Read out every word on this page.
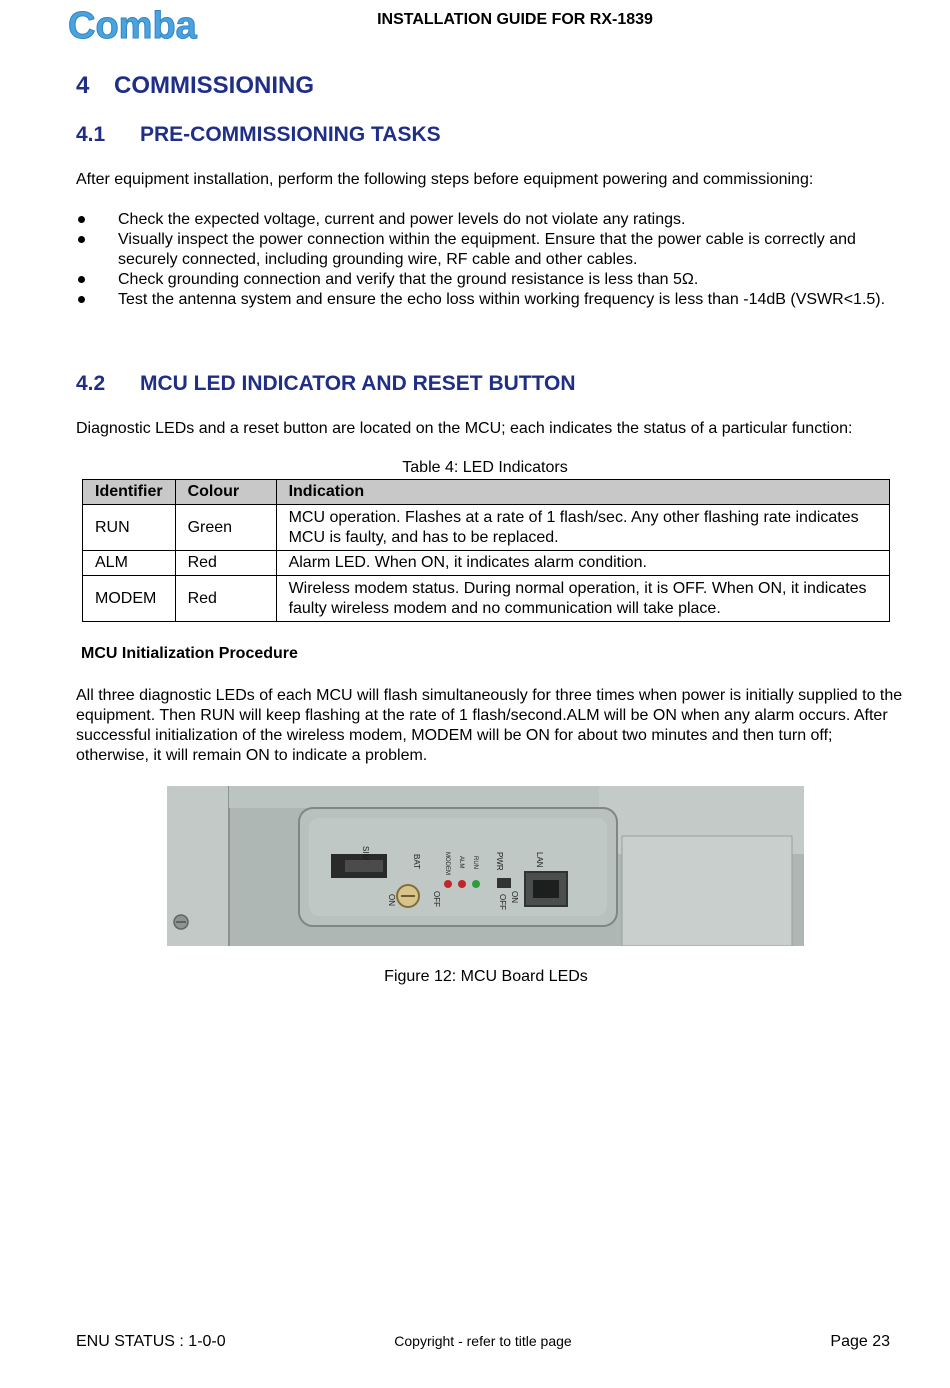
Comba	INSTALLATION GUIDE FOR RX-1839
4 COMMISSIONING
4.1 PRE-COMMISSIONING TASKS
After equipment installation, perform the following steps before equipment powering and commissioning:
Check the expected voltage, current and power levels do not violate any ratings.
Visually inspect the power connection within the equipment. Ensure that the power cable is correctly and securely connected, including grounding wire, RF cable and other cables.
Check grounding connection and verify that the ground resistance is less than 5Ω.
Test the antenna system and ensure the echo loss within working frequency is less than -14dB (VSWR<1.5).
4.2 MCU LED INDICATOR AND RESET BUTTON
Diagnostic LEDs and a reset button are located on the MCU; each indicates the status of a particular function:
Table 4: LED Indicators
Identifier	Colour	Indication
RUN	Green	MCU operation. Flashes at a rate of 1 flash/sec. Any other flashing rate indicates MCU is faulty, and has to be replaced.
ALM	Red	Alarm LED. When ON, it indicates alarm condition.
MODEM	Red	Wireless modem status. During normal operation, it is OFF. When ON, it indicates faulty wireless modem and no communication will take place.
MCU Initialization Procedure
All three diagnostic LEDs of each MCU will flash simultaneously for three times when power is initially supplied to the equipment. Then RUN will keep flashing at the rate of 1 flash/second.ALM will be ON when any alarm occurs. After successful initialization of the wireless modem, MODEM will be ON for about two minutes and then turn off; otherwise, it will remain ON to indicate a problem.
SIM
BAT
ON	OFF
MODEM ALM RUN PWR
ON
OFF
LAN
Figure 12: MCU Board LEDs
ENU STATUS : 1-0-0	Copyright - refer to title page	Page 23
